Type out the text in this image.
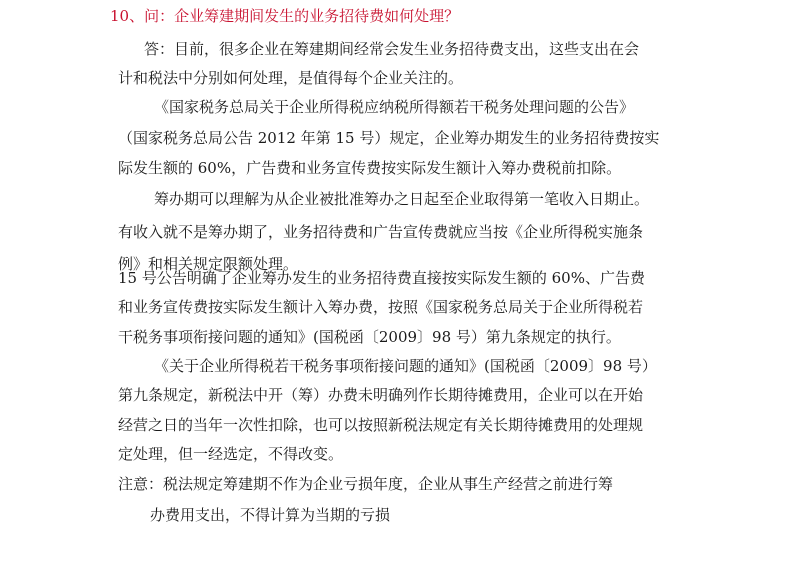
10、问：企业筹建期间发生的业务招待费如何处理？
答：目前，很多企业在筹建期间经常会发生业务招待费支出，这些支出在会
计和税法中分别如何处理，是值得每个企业关注的。
《国家税务总局关于企业所得税应纳税所得额若干税务处理问题的公告》
（国家税务总局公告 2012 年第 15 号）规定，企业筹办期发生的业务招待费按实
际发生额的 60%，广告费和业务宣传费按实际发生额计入筹办费税前扣除。
筹办期可以理解为从企业被批准筹办之日起至企业取得第一笔收入日期止。
有收入就不是筹办期了，业务招待费和广告宣传费就应当按《企业所得税实施条
例》和相关规定限额处理。
15 号公告明确了企业筹办发生的业务招待费直接按实际发生额的 60%、广告费
和业务宣传费按实际发生额计入筹办费，按照《国家税务总局关于企业所得税若
干税务事项衔接问题的通知》(国税函〔2009〕98 号）第九条规定的执行。
《关于企业所得税若干税务事项衔接问题的通知》(国税函〔2009〕98 号）
第九条规定，新税法中开（筹）办费未明确列作长期待摊费用，企业可以在开始
经营之日的当年一次性扣除，也可以按照新税法规定有关长期待摊费用的处理规
定处理，但一经选定，不得改变。
注意：税法规定筹建期不作为企业亏损年度，企业从事生产经营之前进行筹
办费用支出，不得计算为当期的亏损
